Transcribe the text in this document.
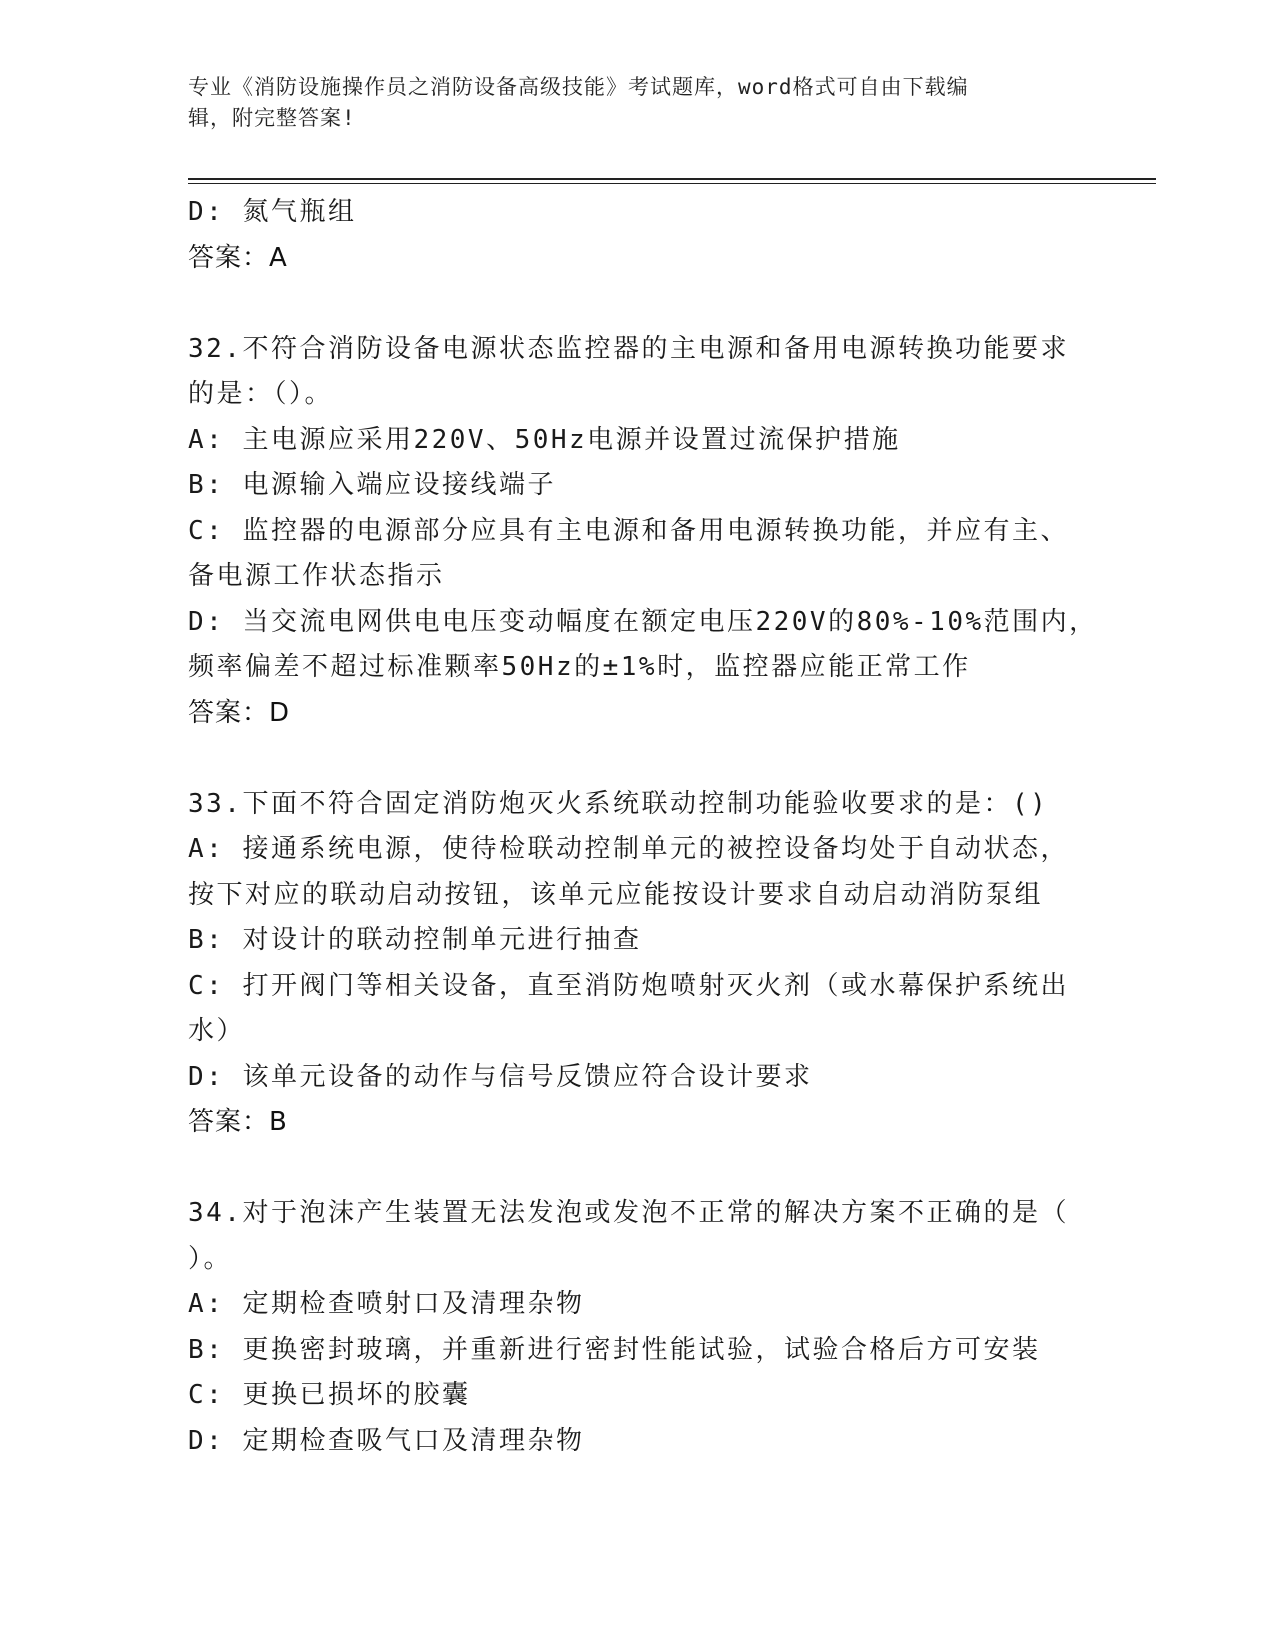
专业《消防设施操作员之消防设备高级技能》考试题库，word格式可自由下载编
辑，附完整答案!
D: 氮气瓶组
答案：A
32.不符合消防设备电源状态监控器的主电源和备用电源转换功能要求
的是：（）。
A: 主电源应采用220V、50Hz电源并设置过流保护措施
B: 电源输入端应设接线端子
C: 监控器的电源部分应具有主电源和备用电源转换功能，并应有主、
备电源工作状态指示
D: 当交流电网供电电压变动幅度在额定电压220V的80%-10%范围内，
频率偏差不超过标准颗率50Hz的±1%时，监控器应能正常工作
答案：D
33.下面不符合固定消防炮灭火系统联动控制功能验收要求的是：()
A: 接通系统电源，使待检联动控制单元的被控设备均处于自动状态，
按下对应的联动启动按钮，该单元应能按设计要求自动启动消防泵组
B: 对设计的联动控制单元进行抽查
C: 打开阀门等相关设备，直至消防炮喷射灭火剂（或水幕保护系统出
水）
D: 该单元设备的动作与信号反馈应符合设计要求
答案：B
34.对于泡沫产生装置无法发泡或发泡不正常的解决方案不正确的是（
）。
A: 定期检查喷射口及清理杂物
B: 更换密封玻璃，并重新进行密封性能试验，试验合格后方可安装
C: 更换已损坏的胶囊
D: 定期检查吸气口及清理杂物
